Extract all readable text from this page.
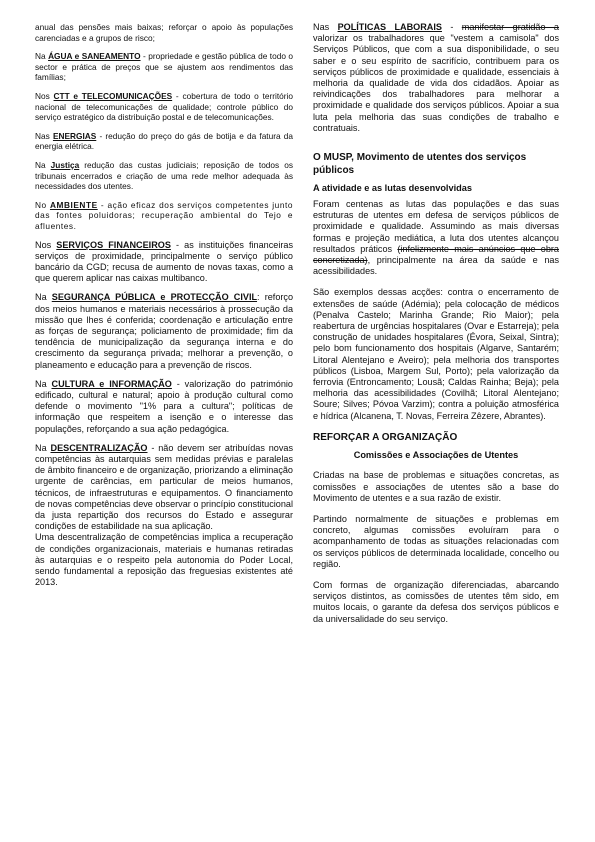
anual das pensões mais baixas; reforçar o apoio às populações carenciadas e a grupos de risco;

Na ÁGUA e SANEAMENTO - propriedade e gestão pública de todo o sector e prática de preços que se ajustem aos rendimentos das famílias;

Nos CTT e TELECOMUNICAÇÕES - cobertura de todo o território nacional de telecomunicações de qualidade; controle público do serviço estratégico da distribuição postal e de telecomunicações.

Nas ENERGIAS - redução do preço do gás de botija e da fatura da energia elétrica.

Na Justiça redução das custas judiciais; reposição de todos os tribunais encerrados e criação de uma rede melhor adequada às necessidades dos utentes.

No AMBIENTE - ação eficaz dos serviços competentes junto das fontes poluidoras; recuperação ambiental do Tejo e afluentes.

Nos SERVIÇOS FINANCEIROS - as instituições financeiras serviços de proximidade, principalmente o serviço público bancário da CGD; recusa de aumento de novas taxas, como a que querem aplicar nas caixas multibanco.

Na SEGURANÇA PÚBLICA e PROTECÇÃO CIVIL: reforço dos meios humanos e materiais necessários à prossecução da missão que lhes é conferida; coordenação e articulação entre as forças de segurança; policiamento de proximidade; fim da tendência de municipalização da segurança interna e do crescimento da segurança privada; melhorar a prevenção, o planeamento e educação para a prevenção de riscos.

Na CULTURA e INFORMAÇÃO - valorização do património edificado, cultural e natural; apoio à produção cultural como defende o movimento "1% para a cultura"; políticas de informação que respeitem a isenção e o interesse das populações, reforçando a sua ação pedagógica.

Na DESCENTRALIZAÇÃO - não devem ser atribuídas novas competências às autarquias sem medidas prévias e paralelas de âmbito financeiro e de organização, priorizando a eliminação urgente de carências, em particular de meios humanos, técnicos, de infraestruturas e equipamentos. O financiamento de novas competências deve observar o princípio constitucional da justa repartição dos recursos do Estado e assegurar condições de estabilidade na sua aplicação.

Uma descentralização de competências implica a recuperação de condições organizacionais, materiais e humanas retiradas às autarquias e o respeito pela autonomia do Poder Local, sendo fundamental a reposição das freguesias existentes até 2013.

Nas POLÍTICAS LABORAIS - manifestar gratidão a valorizar os trabalhadores que "vestem a camisola" dos Serviços Públicos, que com a sua disponibilidade, o seu saber e o seu espírito de sacrifício, contribuem para os serviços públicos de proximidade e qualidade, essenciais à melhoria da qualidade de vida dos cidadãos. Apoiar as reivindicações dos trabalhadores para melhorar a proximidade e qualidade dos serviços públicos. Apoiar a sua luta pela melhoria das suas condições de trabalho e contratuais.

O MUSP, Movimento de utentes dos serviços públicos
A atividade e as lutas desenvolvidas

Foram centenas as lutas das populações e das suas estruturas de utentes em defesa de serviços públicos de proximidade e qualidade. Assumindo as mais diversas formas e projeção mediática, a luta dos utentes alcançou resultados práticos (infelizmente mais anúncios que obra concretizada), principalmente na área da saúde e nas acessibilidades.

São exemplos dessas acções: contra o encerramento de extensões de saúde (Adémia); pela colocação de médicos (Penalva Castelo; Marinha Grande; Rio Maior); pela reabertura de urgências hospitalares (Ovar e Estarreja); pela construção de unidades hospitalares (Évora, Seixal, Sintra); pelo bom funcionamento dos hospitais (Algarve, Santarém; Litoral Alentejano e Aveiro); pela melhoria dos transportes públicos (Lisboa, Margem Sul, Porto); pela valorização da ferrovia (Entroncamento; Lousã; Caldas Rainha; Beja); pela melhoria das acessibilidades (Covilhã; Litoral Alentejano; Soure; Silves; Póvoa Varzim); contra a poluição atmosférica e hídrica (Alcanena, T. Novas, Ferreira Zêzere, Abrantes).

REFORÇAR A ORGANIZAÇÃO
Comissões e Associações de Utentes

Criadas na base de problemas e situações concretas, as comissões e associações de utentes são a base do Movimento de utentes e a sua razão de existir.

Partindo normalmente de situações e problemas em concreto, algumas comissões evoluíram para o acompanhamento de todas as situações relacionadas com os serviços públicos de determinada localidade, concelho ou região.

Com formas de organização diferenciadas, abarcando serviços distintos, as comissões de utentes têm sido, em muitos locais, o garante da defesa dos serviços públicos e da universalidade do seu serviço.
